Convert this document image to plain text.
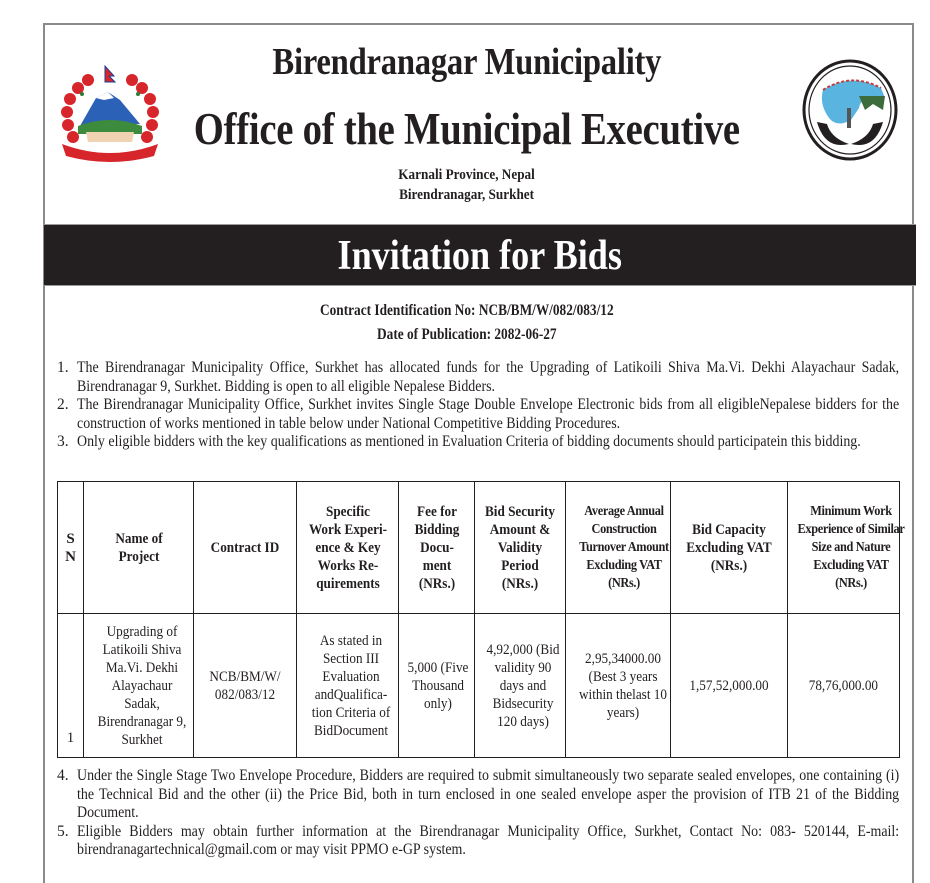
Birendranagar Municipality
Office of the Municipal Executive
Karnali Province, Nepal
Birendranagar, Surkhet
Invitation for Bids
Contract Identification No: NCB/BM/W/082/083/12
Date of Publication: 2082-06-27
1. The Birendranagar Municipality Office, Surkhet has allocated funds for the Upgrading of Latikoili Shiva Ma.Vi. Dekhi Alayachaur Sadak, Birendranagar 9, Surkhet. Bidding is open to all eligible Nepalese Bidders.
2. The Birendranagar Municipality Office, Surkhet invites Single Stage Double Envelope Electronic bids from all eligibleNepalese bidders for the construction of works mentioned in table below under National Competitive Bidding Procedures.
3. Only eligible bidders with the key qualifications as mentioned in Evaluation Criteria of bidding documents should participatein this bidding.
S N	Name of Project	Contract ID	Specific Work Experi- ence & Key Works Re- quirements	Fee for Bidding Docu- ment (NRs.)	Bid Security Amount & Validity Period (NRs.)	Average Annual Construction Turnover Amount Excluding VAT (NRs.)	Bid Capacity Excluding VAT (NRs.)	Minimum Work Experience of Similar Size and Nature Excluding VAT (NRs.)
1	Upgrading of Latikoili Shiva Ma.Vi. Dekhi Alayachaur Sadak, Birendranagar 9, Surkhet	NCB/BM/W/ 082/083/12	As stated in Section III Evaluation andQualifica- tion Criteria of BidDocument	5,000 (Five Thousand only)	4,92,000 (Bid validity 90 days and Bidsecurity 120 days)	2,95,34000.00 (Best 3 years within thelast 10 years)	1,57,52,000.00	78,76,000.00
4. Under the Single Stage Two Envelope Procedure, Bidders are required to submit simultaneously two separate sealed envelopes, one containing (i) the Technical Bid and the other (ii) the Price Bid, both in turn enclosed in one sealed envelope asper the provision of ITB 21 of the Bidding Document.
5. Eligible Bidders may obtain further information at the Birendranagar Municipality Office, Surkhet, Contact No: 083- 520144, E-mail: birendranagartechnical@gmail.com or may visit PPMO e-GP system.
